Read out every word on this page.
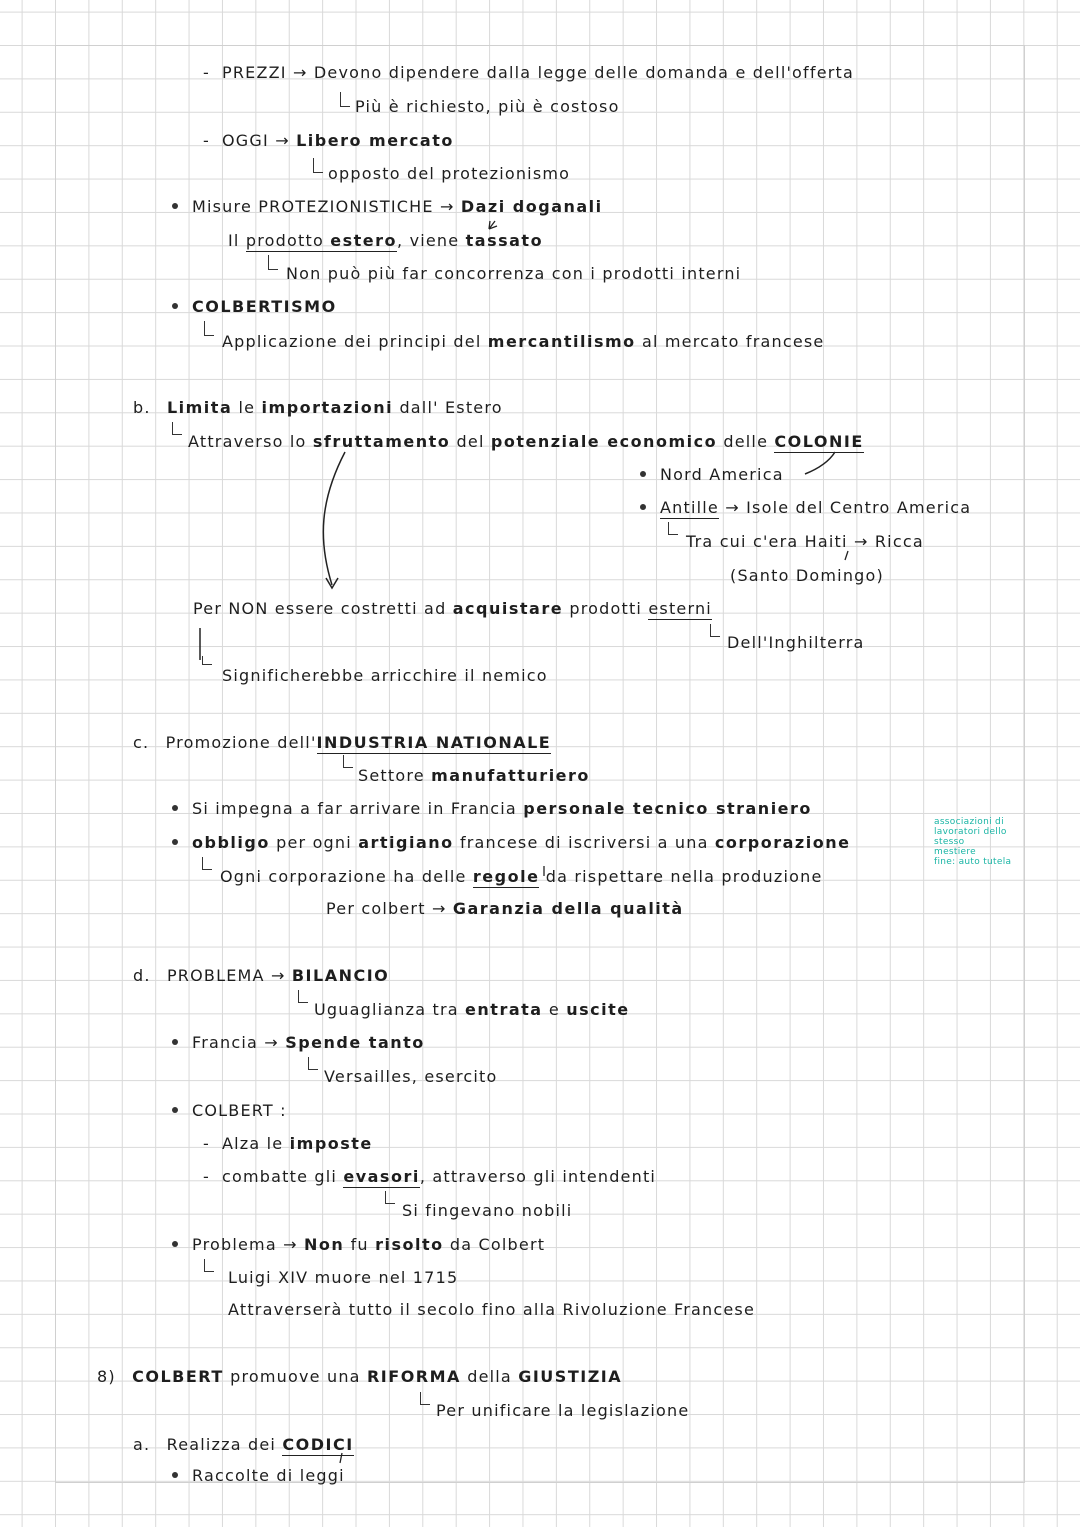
- PREZZI → Devono dipendere dalla legge delle domanda e dell'offerta
Più è richiesto, più è costoso
- OGGI → Libero mercato
opposto del protezionismo
Misure PROTEZIONISTICHE → Dazi doganali
Il prodotto estero, viene tassato
Non può più far concorrenza con i prodotti interni
COLBERTISMO
Applicazione dei principi del mercantilismo al mercato francese
b. Limita le importazioni dall' Estero
Attraverso lo sfruttamento del potenziale economico delle COLONIE
Nord America
Antille → Isole del Centro America
Tra cui c'era Haiti → Ricca
(Santo Domingo)
Per NON essere costretti ad acquistare prodotti esterni
Dell'Inghilterra
Significherebbe arricchire il nemico
c. Promozione dell'INDUSTRIA NATIONALE
Settore manufatturiero
Si impegna a far arrivare in Francia personale tecnico straniero
obbligo per ogni artigiano francese di iscriversi a una corporazione
associazioni di
lavoratori dello stesso
mestiere
fine: auto tutela
Ogni corporazione ha delle regole da rispettare nella produzione
Per colbert → Garanzia della qualità
d. PROBLEMA → BILANCIO
Uguaglianza tra entrata e uscite
Francia → Spende tanto
Versailles, esercito
COLBERT :
- Alza le imposte
- combatte gli evasori, attraverso gli intendenti
Si fingevano nobili
Problema → Non fu risolto da Colbert
Luigi XIV muore nel 1715
Attraverserà tutto il secolo fino alla Rivoluzione Francese
8) COLBERT promuove una RIFORMA della GIUSTIZIA
Per unificare la legislazione
a. Realizza dei CODICI
Raccolte di leggi
